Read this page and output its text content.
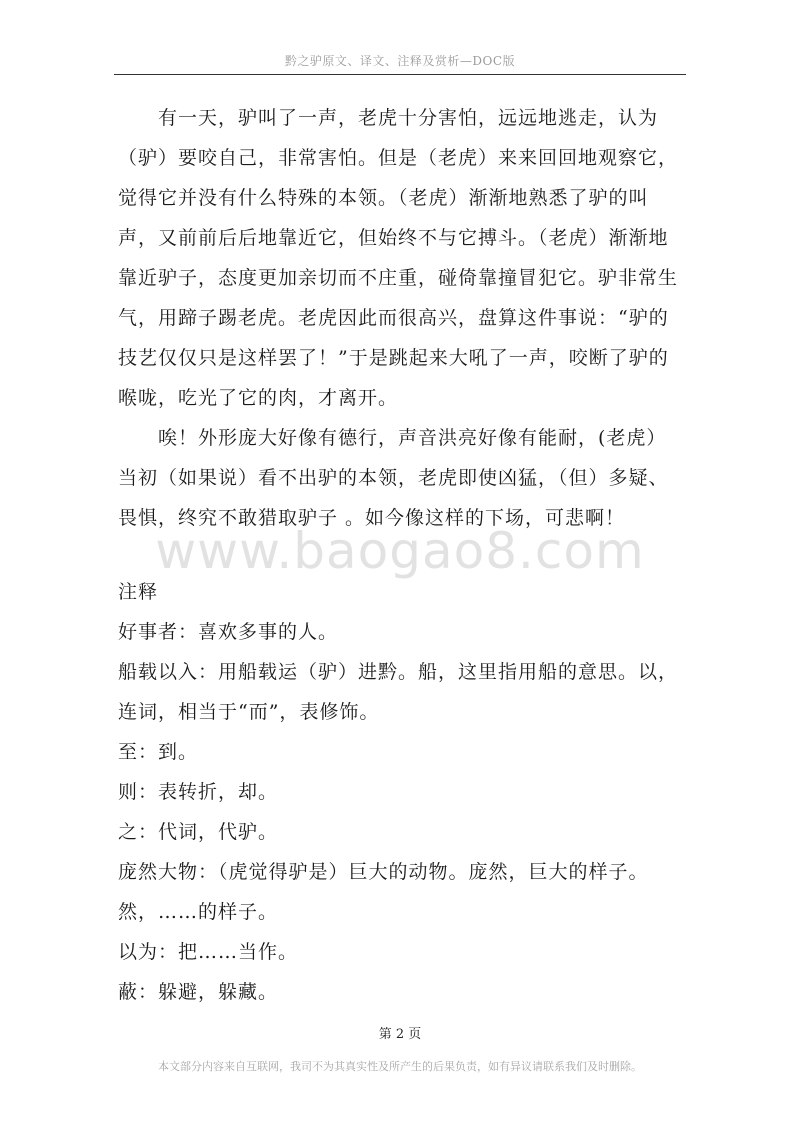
黔之驴原文、译文、注释及赏析—DOC版
www.baogao8.com

有一天，驴叫了一声，老虎十分害怕，远远地逃走，认为（驴）要咬自己，非常害怕。但是（老虎）来来回回地观察它，觉得它并没有什么特殊的本领。（老虎）渐渐地熟悉了驴的叫声，又前前后后地靠近它，但始终不与它搏斗。（老虎）渐渐地靠近驴子，态度更加亲切而不庄重，碰倚靠撞冒犯它。驴非常生气，用蹄子踢老虎。老虎因此而很高兴，盘算这件事说：“驴的技艺仅仅只是这样罢了！”于是跳起来大吼了一声，咬断了驴的喉咙，吃光了它的肉，才离开。

唉！外形庞大好像有德行，声音洪亮好像有能耐，(老虎）当初（如果说）看不出驴的本领，老虎即使凶猛，（但）多疑、畏惧，终究不敢猎取驴子 。如今像这样的下场，可悲啊！

注释

好事者：喜欢多事的人。

船载以入：用船载运（驴）进黔。船，这里指用船的意思。以，连词，相当于“而”，表修饰。

至：到。

则：表转折，却。

之：代词，代驴。

庞然大物：（虎觉得驴是）巨大的动物。庞然，巨大的样子。然，……的样子。

以为：把……当作。

蔽：躲避，躲藏。

第 2 页
本文部分内容来自互联网，我司不为其真实性及所产生的后果负责，如有异议请联系我们及时删除。
